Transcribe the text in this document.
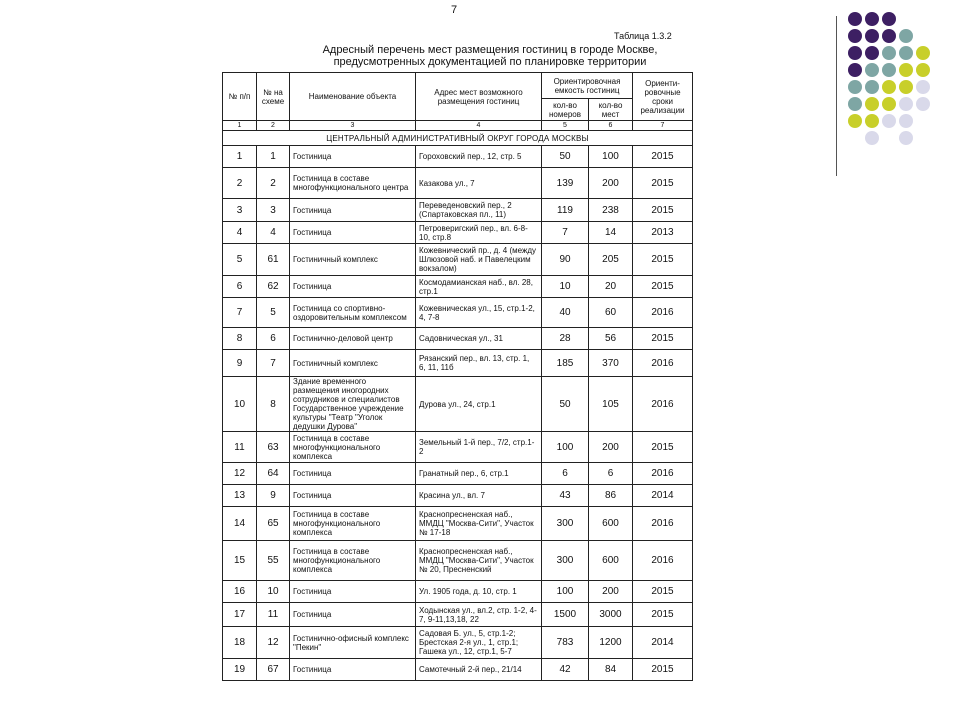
7
Таблица 1.3.2
Адресный перечень мест размещения гостиниц в городе Москве,
предусмотренных документацией по планировке территории
№ п/п	№ на схеме	Наименование объекта	Адрес мест возможного размещения гостиниц	Ориентировочная емкость гостиниц		Ориенти-ровочные сроки реализации
				кол-во номеров	кол-во мест	
1	2	3	4	5	6	7
ЦЕНТРАЛЬНЫЙ АДМИНИСТРАТИВНЫЙ ОКРУГ ГОРОДА МОСКВЫ						
1	1	Гостиница	Гороховский пер., 12, стр. 5	50	100	2015
2	2	Гостиница в составе многофункционального центра	Казакова ул., 7	139	200	2015
3	3	Гостиница	Переведеновский пер., 2 (Спартаковская пл., 11)	119	238	2015
4	4	Гостиница	Петроверигский пер., вл. 6-8-10, стр.8	7	14	2013
5	61	Гостиничный комплекс	Кожевнический пр., д. 4 (между Шлюзовой наб. и Павелецким вокзалом)	90	205	2015
6	62	Гостиница	Космодамианская наб., вл. 28, стр.1	10	20	2015
7	5	Гостиница со спортивно-оздоровительным комплексом	Кожевническая ул., 15, стр.1-2, 4, 7-8	40	60	2016
8	6	Гостинично-деловой центр	Садовническая ул., 31	28	56	2015
9	7	Гостиничный комплекс	Рязанский пер., вл. 13, стр. 1, 6, 11, 11б	185	370	2016
10	8	Здание временного размещения иногородних сотрудников и специалистов Государственное учреждение культуры "Театр "Уголок дедушки Дурова"	Дурова ул., 24, стр.1	50	105	2016
11	63	Гостиница в составе многофункционального комплекса	Земельный 1-й пер., 7/2, стр.1-2	100	200	2015
12	64	Гостиница	Гранатный пер., 6, стр.1	6	6	2016
13	9	Гостиница	Красина ул., вл. 7	43	86	2014
14	65	Гостиница в составе многофункционального комплекса	Краснопресненская наб., ММДЦ "Москва-Сити", Участок № 17-18	300	600	2016
15	55	Гостиница в составе многофункционального комплекса	Краснопресненская наб., ММДЦ "Москва-Сити", Участок № 20, Пресненский	300	600	2016
16	10	Гостиница	Ул. 1905 года, д. 10, стр. 1	100	200	2015
17	11	Гостиница	Ходынская ул., вл.2, стр. 1-2, 4-7, 9-11,13,18, 22	1500	3000	2015
18	12	Гостинично-офисный комплекс "Пекин"	Садовая Б. ул., 5, стр.1-2; Брестская 2-я ул., 1, стр.1; Гашека ул., 12, стр.1, 5-7	783	1200	2014
19	67	Гостиница	Самотечный 2-й пер., 21/14	42	84	2015
